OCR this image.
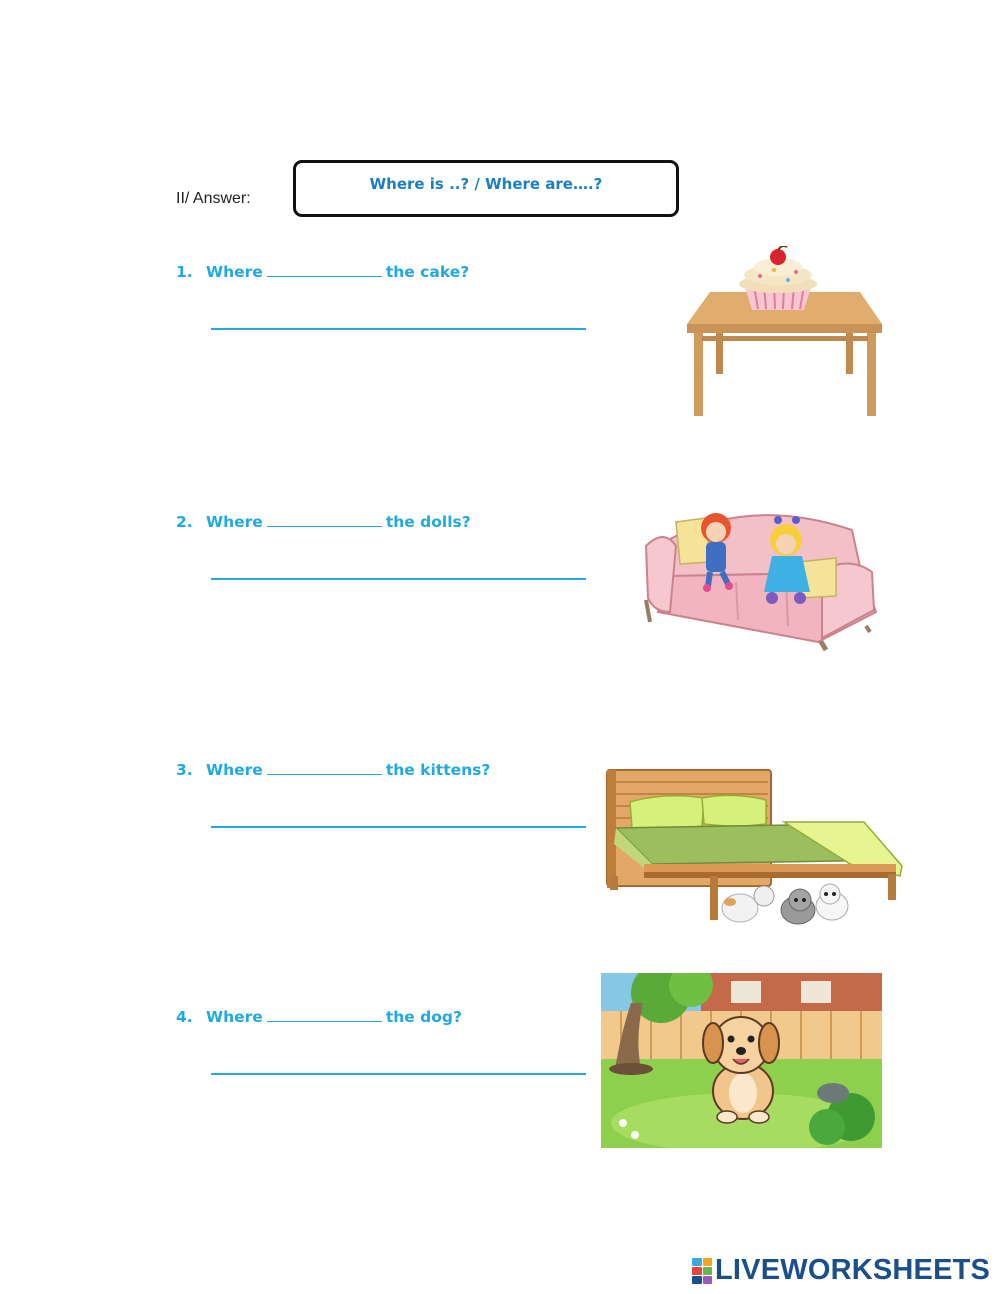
II/ Answer:
Where is ..? / Where are….?
1. Where	the cake?
2. Where	the dolls?
3. Where	the kittens?
4. Where	the dog?
LIVEWORKSHEETS
